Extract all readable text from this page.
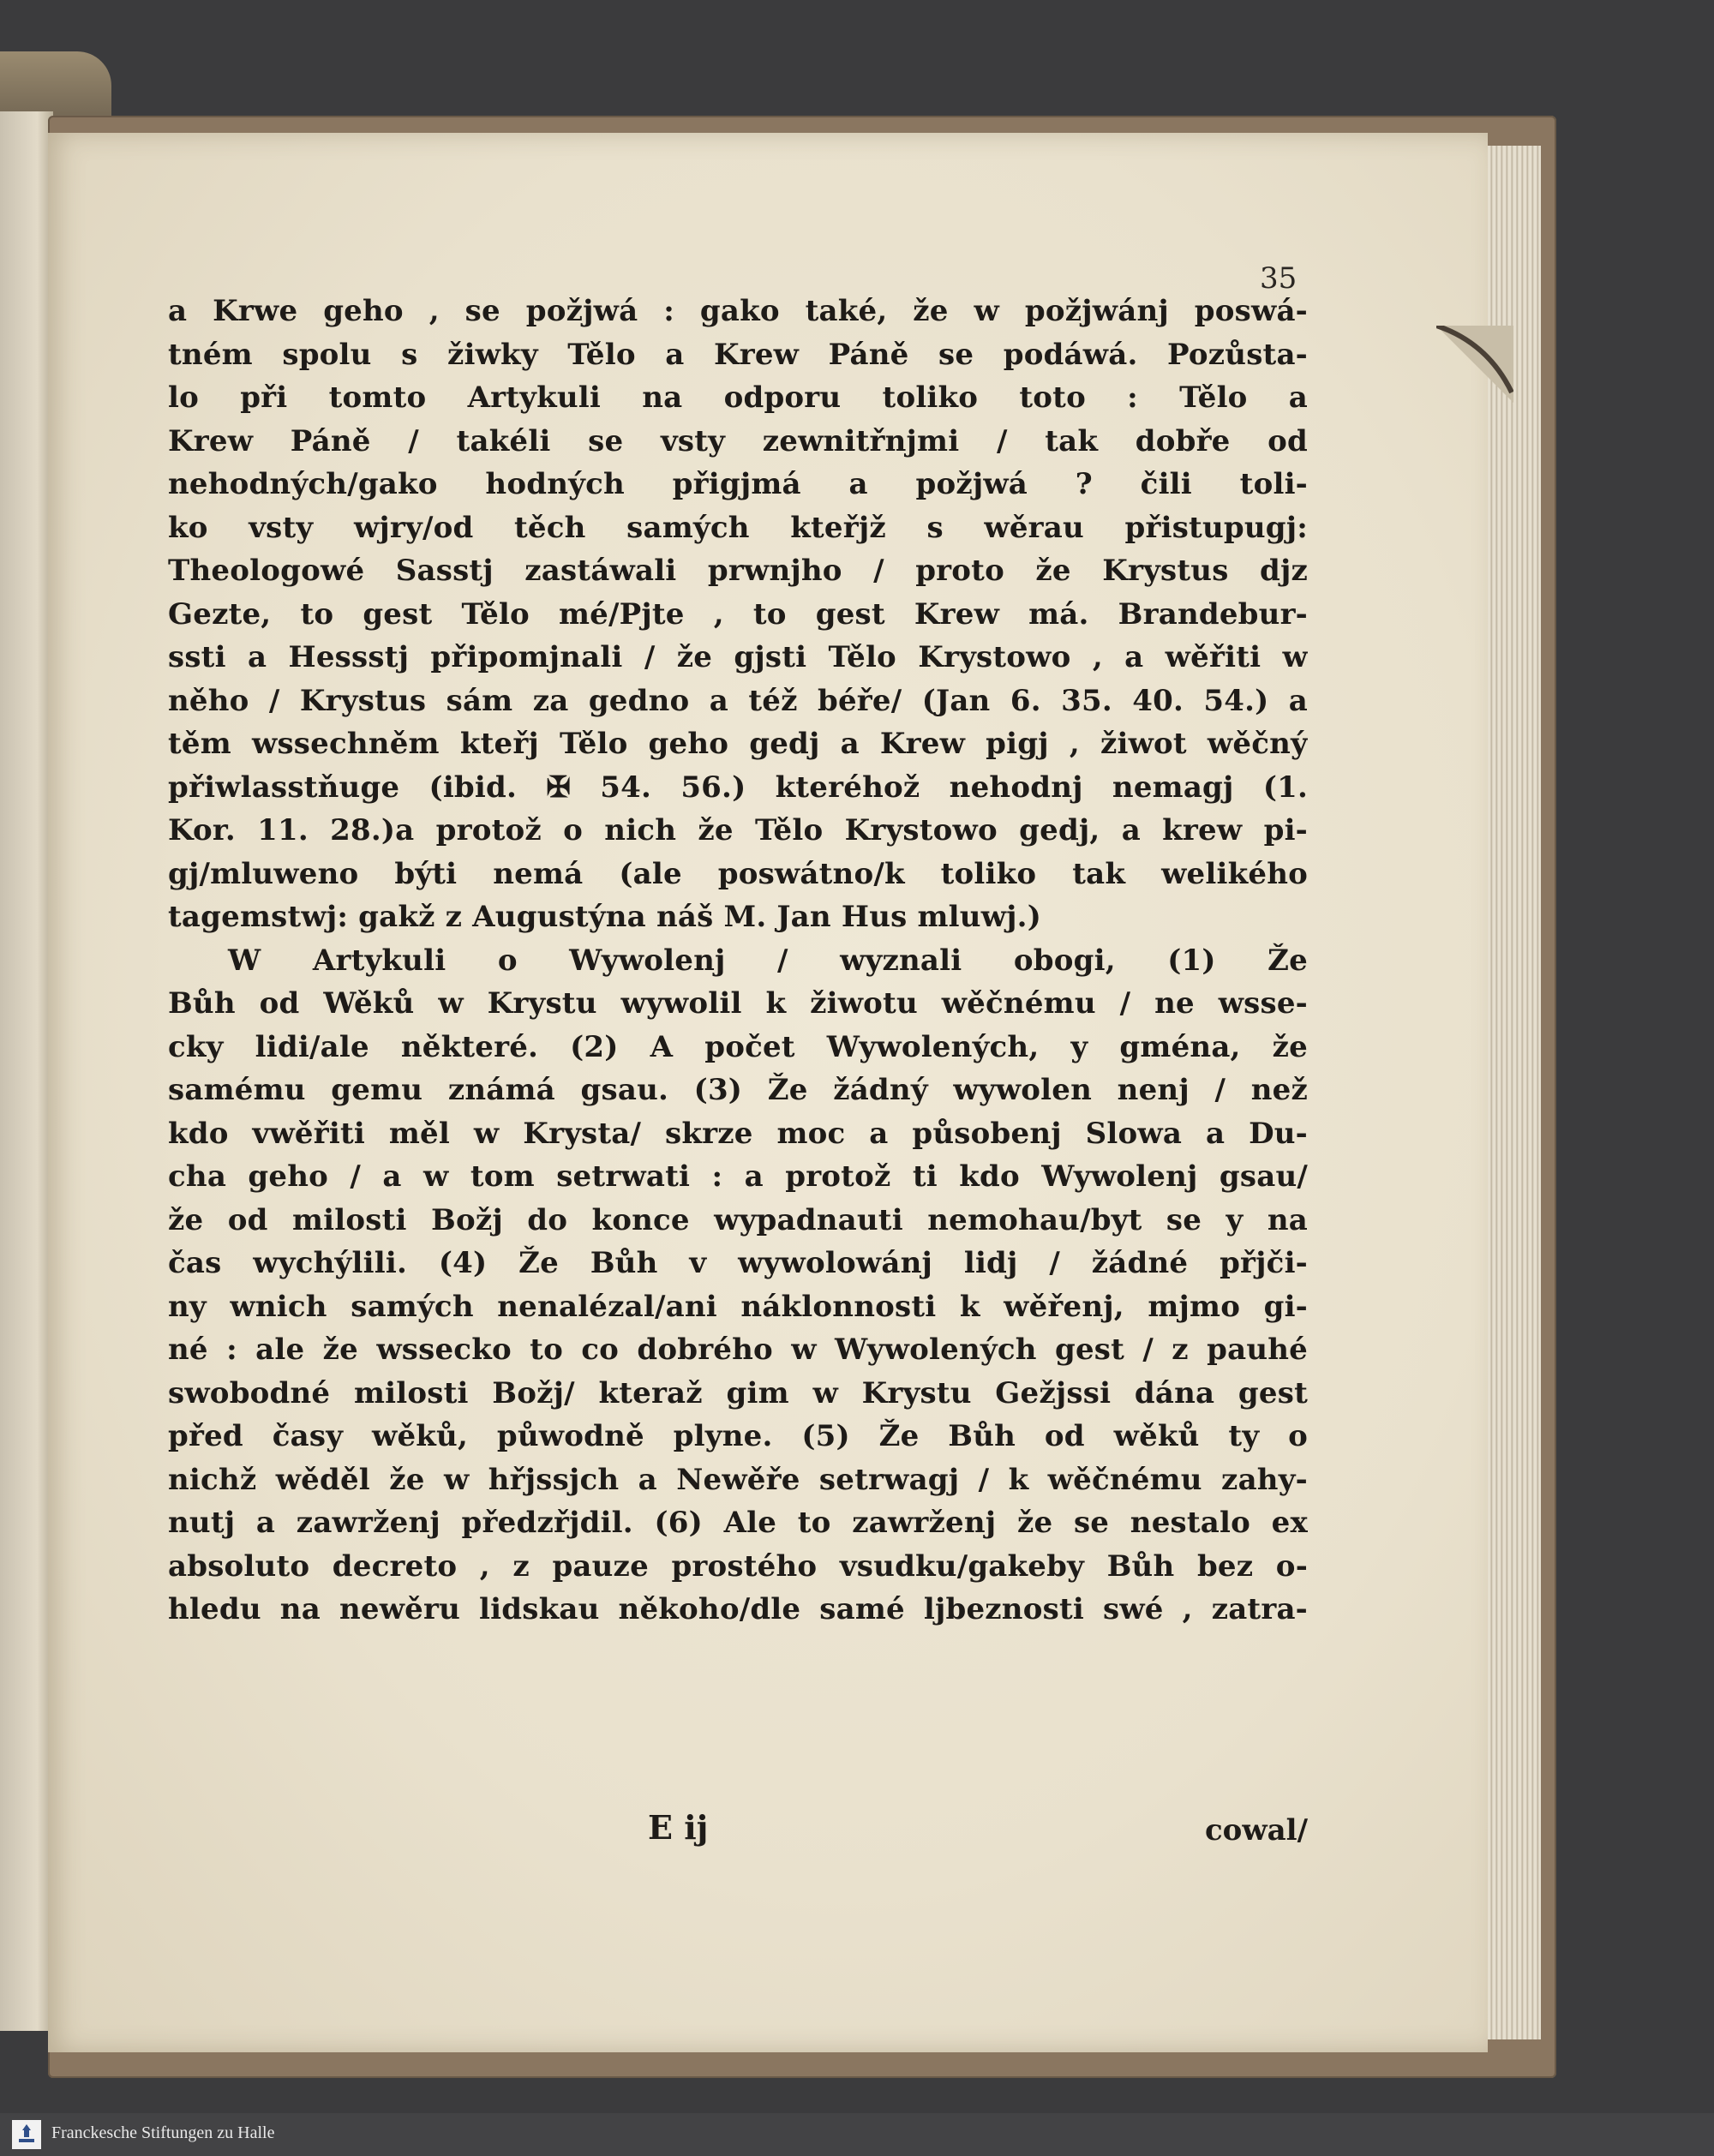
35
a Krwe geho , se požjwá : gako také, že w požjwánj poswá-
tném spolu s žiwky Tělo a Krew Páně se podáwá. Pozůsta-
lo při tomto Artykuli na odporu toliko toto : Tělo a
Krew Páně / takéli se vsty zewnitřnjmi / tak dobře od
nehodných/gako hodných přigjmá a požjwá ? čili toli-
ko vsty wjry/od těch samých kteřjž s wěrau přistupugj:
Theologowé Sasstj zastáwali prwnjho / proto že Krystus djz
Gezte, to gest Tělo mé/Pjte , to gest Krew má. Brandebur-
ssti a Hessstj připomjnali / že gjsti Tělo Krystowo , a wěřiti w
něho / Krystus sám za gedno a též béře/ (Jan 6. 35. 40. 54.) a
těm wssechněm kteřj Tělo geho gedj a Krew pigj , žiwot wěčný
přiwlasstňuge (ibid. ✠ 54. 56.) kteréhož nehodnj nemagj (1.
Kor. 11. 28.)a protož o nich že Tělo Krystowo gedj, a krew pi-
gj/mluweno býti nemá (ale poswátno/k toliko tak welikého
tagemstwj: gakž z Augustýna náš M. Jan Hus mluwj.)
W Artykuli o Wywolenj / wyznali obogi, (1) Že
Bůh od Wěků w Krystu wywolil k žiwotu wěčnému / ne wsse-
cky lidi/ale některé. (2) A počet Wywolených, y gména, že
samému gemu známá gsau. (3) Že žádný wywolen nenj / než
kdo vwěřiti měl w Krysta/ skrze moc a působenj Slowa a Du-
cha geho / a w tom setrwati : a protož ti kdo Wywolenj gsau/
že od milosti Božj do konce wypadnauti nemohau/byt se y na
čas wychýlili. (4) Že Bůh v wywolowánj lidj / žádné přjči-
ny wnich samých nenalézal/ani náklonnosti k wěřenj, mjmo gi-
né : ale že wssecko to co dobrého w Wywolených gest / z pauhé
swobodné milosti Božj/ kteraž gim w Krystu Gežjssi dána gest
před časy wěků, půwodně plyne. (5) Že Bůh od wěků ty o
nichž wěděl že w hřjssjch a Newěře setrwagj / k wěčnému zahy-
nutj a zawrženj předzřjdil. (6) Ale to zawrženj že se nestalo ex
absoluto decreto , z pauze prostého vsudku/gakeby Bůh bez o-
hledu na newěru lidskau někoho/dle samé ljbeznosti swé , zatra-
E ij	cowal/
Franckesche Stiftungen zu Halle
